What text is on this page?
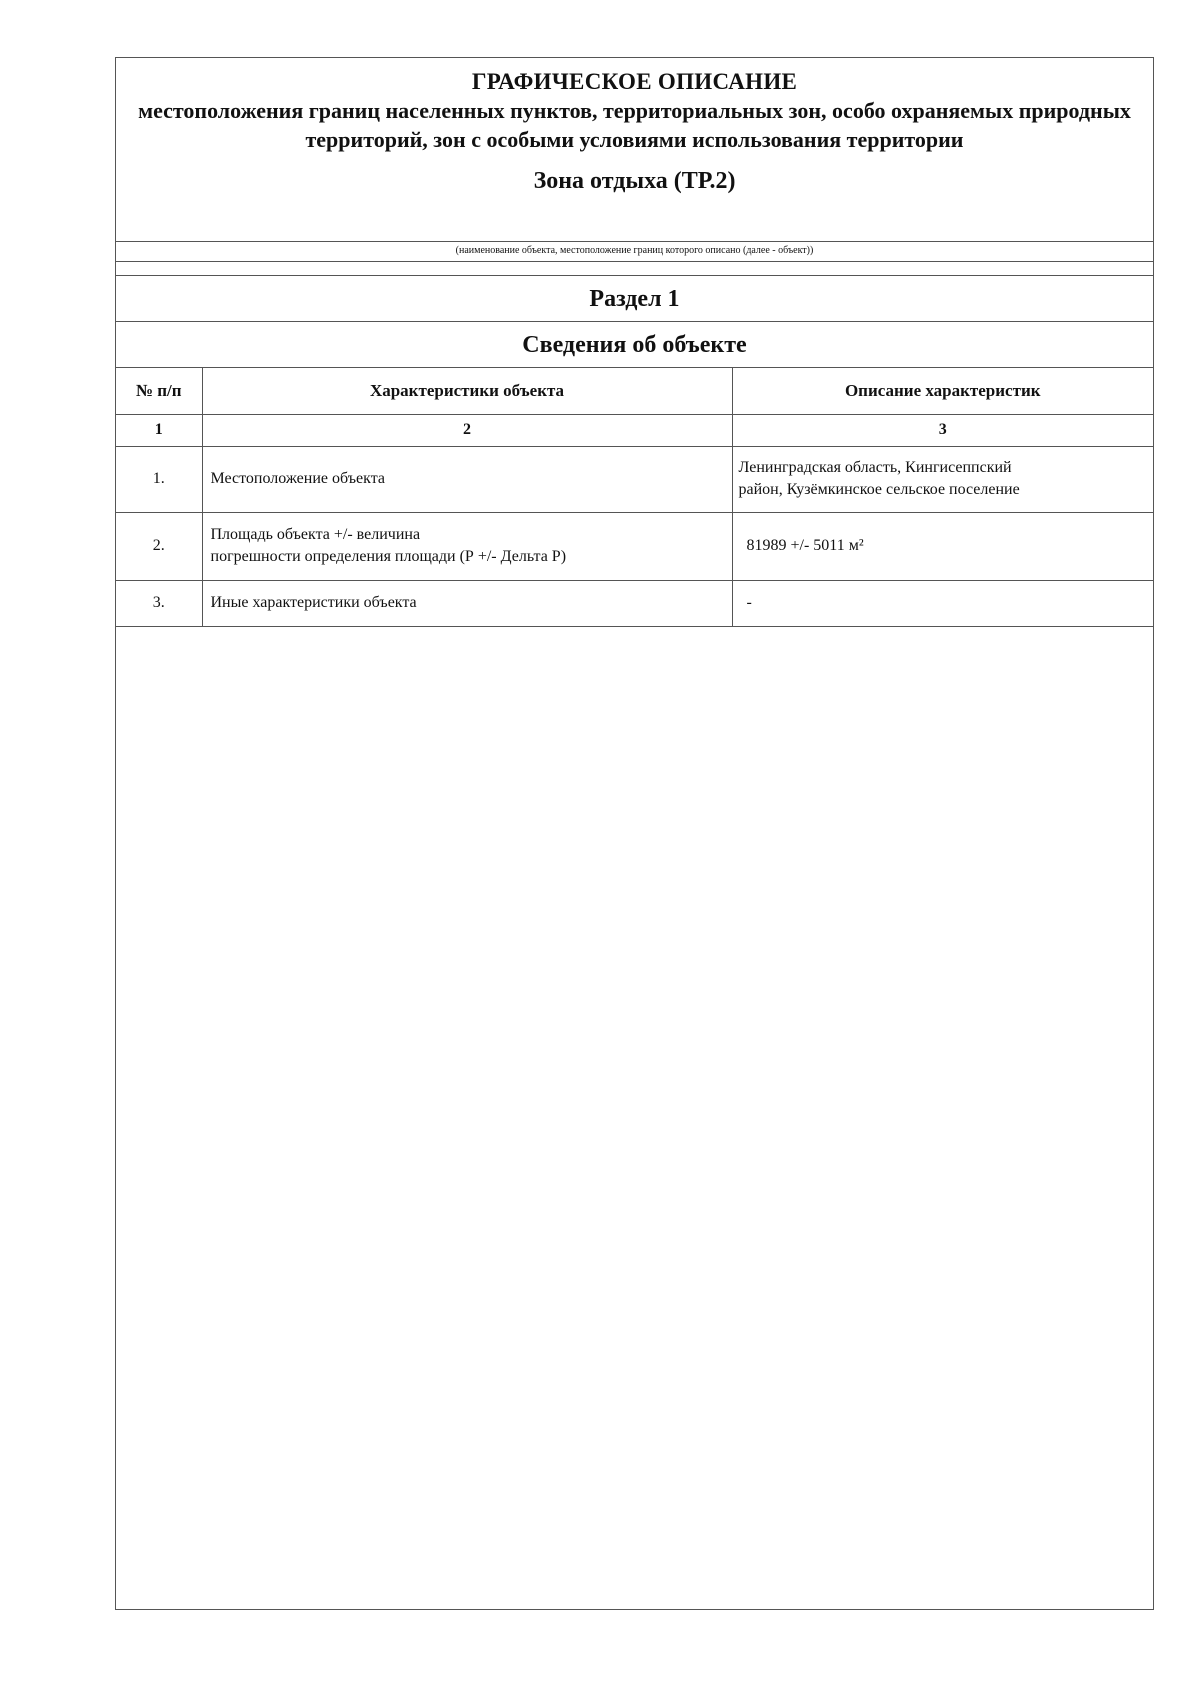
ГРАФИЧЕСКОЕ ОПИСАНИЕ
местоположения границ населенных пунктов, территориальных зон, особо охраняемых природных территорий, зон с особыми условиями использования территории
Зона отдыха (ТР.2)
(наименование объекта, местоположение границ которого описано (далее - объект))
Раздел 1
Сведения об объекте
№ п/п	Характеристики объекта	Описание характеристик
1	2	3
1.	Местоположение объекта	Ленинградская область, Кингисеппский
район, Кузёмкинское сельское поселение

2.	Площадь объекта +/- величина
погрешности определения площади (Р +/- Дельта Р)	81989 +/- 5011 м²
3.	Иные характеристики объекта	-
